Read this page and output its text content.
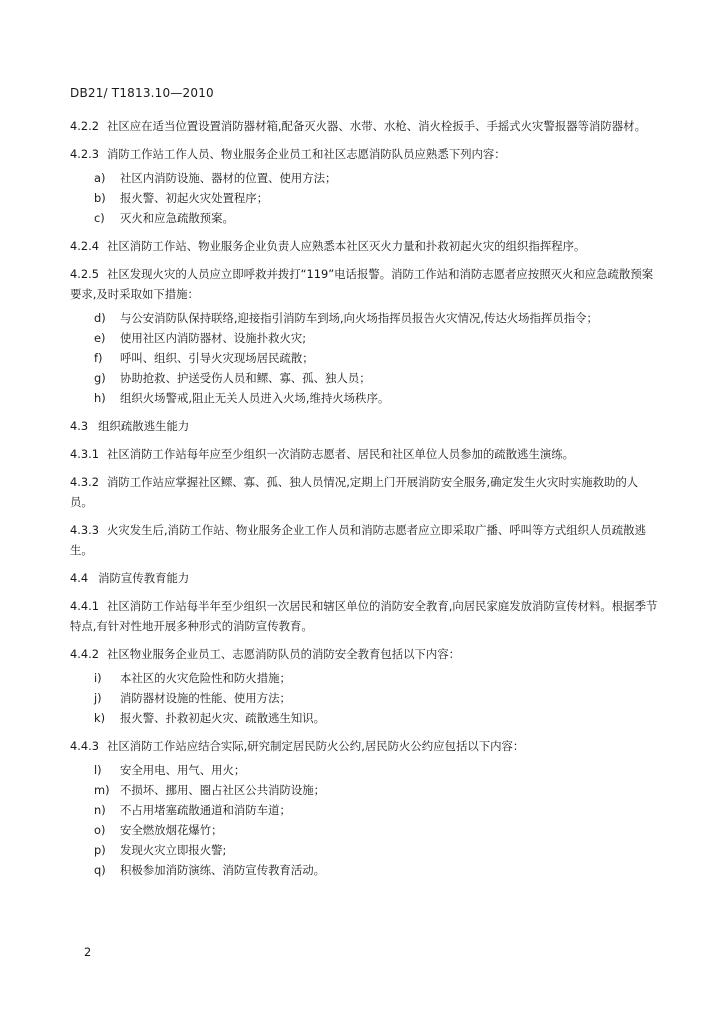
DB21/ T1813.10—2010
4.2.2 社区应在适当位置设置消防器材箱,配备灭火器、水带、水枪、消火栓扳手、手摇式火灾警报器等消防器材。
4.2.3 消防工作站工作人员、物业服务企业员工和社区志愿消防队员应熟悉下列内容：
a)	社区内消防设施、器材的位置、使用方法；
b)	报火警、初起火灾处置程序；
c)	灭火和应急疏散预案。
4.2.4 社区消防工作站、物业服务企业负责人应熟悉本社区灭火力量和扑救初起火灾的组织指挥程序。
4.2.5 社区发现火灾的人员应立即呼救并拨打“119”电话报警。消防工作站和消防志愿者应按照灭火和应急疏散预案要求,及时采取如下措施：
d)	与公安消防队保持联络,迎接指引消防车到场,向火场指挥员报告火灾情况,传达火场指挥员指令；
e)	使用社区内消防器材、设施扑救火灾;
f)	呼叫、组织、引导火灾现场居民疏散；
g)	协助抢救、护送受伤人员和鳏、寡、孤、独人员；
h)	组织火场警戒,阻止无关人员进入火场,维持火场秩序。
4.3 组织疏散逃生能力
4.3.1 社区消防工作站每年应至少组织一次消防志愿者、居民和社区单位人员参加的疏散逃生演练。
4.3.2 消防工作站应掌握社区鳏、寡、孤、独人员情况,定期上门开展消防安全服务,确定发生火灾时实施救助的人员。
4.3.3 火灾发生后,消防工作站、物业服务企业工作人员和消防志愿者应立即采取广播、呼叫等方式组织人员疏散逃生。
4.4 消防宣传教育能力
4.4.1 社区消防工作站每半年至少组织一次居民和辖区单位的消防安全教育,向居民家庭发放消防宣传材料。根据季节特点,有针对性地开展多种形式的消防宣传教育。
4.4.2 社区物业服务企业员工、志愿消防队员的消防安全教育包括以下内容：
i)	本社区的火灾危险性和防火措施；
j)	消防器材设施的性能、使用方法；
k)	报火警、扑救初起火灾、疏散逃生知识。
4.4.3 社区消防工作站应结合实际,研究制定居民防火公约,居民防火公约应包括以下内容：
l)	安全用电、用气、用火；
m) 不损坏、挪用、圈占社区公共消防设施；
n)	不占用堵塞疏散通道和消防车道；
o)	安全燃放烟花爆竹；
p)	发现火灾立即报火警;
q)	积极参加消防演练、消防宣传教育活动。
2
